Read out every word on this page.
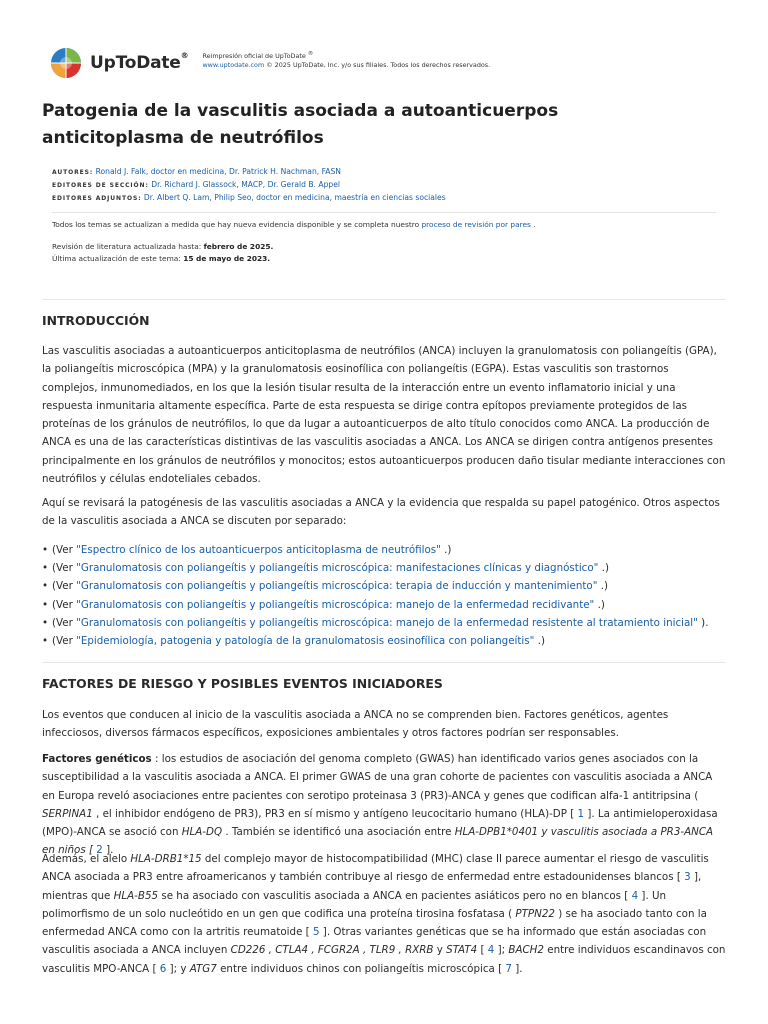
UpToDate® Reimpresión oficial de UpToDate ®
www.uptodate.com © 2025 UpToDate, Inc. y/o sus filiales. Todos los derechos reservados.
Patogenia de la vasculitis asociada a autoanticuerpos anticitoplasma de neutrófilos
AUTORES: Ronald J. Falk, doctor en medicina, Dr. Patrick H. Nachman, FASN
EDITORES DE SECCIÓN: Dr. Richard J. Glassock, MACP, Dr. Gerald B. Appel
EDITORES ADJUNTOS: Dr. Albert Q. Lam, Philip Seo, doctor en medicina, maestría en ciencias sociales
Todos los temas se actualizan a medida que hay nueva evidencia disponible y se completa nuestro proceso de revisión por pares .
Revisión de literatura actualizada hasta: febrero de 2025.
Última actualización de este tema: 15 de mayo de 2023.
INTRODUCCIÓN

Las vasculitis asociadas a autoanticuerpos anticitoplasma de neutrófilos (ANCA) incluyen la granulomatosis con poliangeítis (GPA), la poliangeítis microscópica (MPA) y la granulomatosis eosinofílica con poliangeítis (EGPA). Estas vasculitis son trastornos complejos, inmunomediados, en los que la lesión tisular resulta de la interacción entre un evento inflamatorio inicial y una respuesta inmunitaria altamente específica. Parte de esta respuesta se dirige contra epítopos previamente protegidos de las proteínas de los gránulos de neutrófilos, lo que da lugar a autoanticuerpos de alto título conocidos como ANCA. La producción de ANCA es una de las características distintivas de las vasculitis asociadas a ANCA. Los ANCA se dirigen contra antígenos presentes principalmente en los gránulos de neutrófilos y monocitos; estos autoanticuerpos producen daño tisular mediante interacciones con neutrófilos y células endoteliales cebados.

Aquí se revisará la patogénesis de las vasculitis asociadas a ANCA y la evidencia que respalda su papel patogénico. Otros aspectos de la vasculitis asociada a ANCA se discuten por separado:

• (Ver "Espectro clínico de los autoanticuerpos anticitoplasma de neutrófilos" .)
• (Ver "Granulomatosis con poliangeítis y poliangeítis microscópica: manifestaciones clínicas y diagnóstico" .)
• (Ver "Granulomatosis con poliangeítis y poliangeítis microscópica: terapia de inducción y mantenimiento" .)
• (Ver "Granulomatosis con poliangeítis y poliangeítis microscópica: manejo de la enfermedad recidivante" .)
• (Ver "Granulomatosis con poliangeítis y poliangeítis microscópica: manejo de la enfermedad resistente al tratamiento inicial" ).
• (Ver "Epidemiología, patogenia y patología de la granulomatosis eosinofílica con poliangeítis" .)
FACTORES DE RIESGO Y POSIBLES EVENTOS INICIADORES

Los eventos que conducen al inicio de la vasculitis asociada a ANCA no se comprenden bien. Factores genéticos, agentes infecciosos, diversos fármacos específicos, exposiciones ambientales y otros factores podrían ser responsables.

Factores genéticos : los estudios de asociación del genoma completo (GWAS) han identificado varios genes asociados con la susceptibilidad a la vasculitis asociada a ANCA. El primer GWAS de una gran cohorte de pacientes con vasculitis asociada a ANCA en Europa reveló asociaciones entre pacientes con serotipo proteinasa 3 (PR3)-ANCA y genes que codifican alfa-1 antitripsina ( SERPINA1 , el inhibidor endógeno de PR3), PR3 en sí mismo y antígeno leucocitario humano (HLA)-DP [ 1 ]. La antimieloperoxidasa (MPO)-ANCA se asoció con HLA-DQ . También se identificó una asociación entre HLA-DPB1*0401 y vasculitis asociada a PR3-ANCA en niños [ 2 ].

Además, el alelo HLA-DRB1*15 del complejo mayor de histocompatibilidad (MHC) clase II parece aumentar el riesgo de vasculitis ANCA asociada a PR3 entre afroamericanos y también contribuye al riesgo de enfermedad entre estadounidenses blancos [ 3 ], mientras que HLA-B55 se ha asociado con vasculitis asociada a ANCA en pacientes asiáticos pero no en blancos [ 4 ]. Un polimorfismo de un solo nucleótido en un gen que codifica una proteína tirosina fosfatasa ( PTPN22 ) se ha asociado tanto con la enfermedad ANCA como con la artritis reumatoide [ 5 ]. Otras variantes genéticas que se ha informado que están asociadas con vasculitis asociada a ANCA incluyen CD226 , CTLA4 , FCGR2A , TLR9 , RXRB y STAT4 [ 4 ]; BACH2 entre individuos escandinavos con vasculitis MPO-ANCA [ 6 ]; y ATG7 entre individuos chinos con poliangeítis microscópica [ 7 ].
